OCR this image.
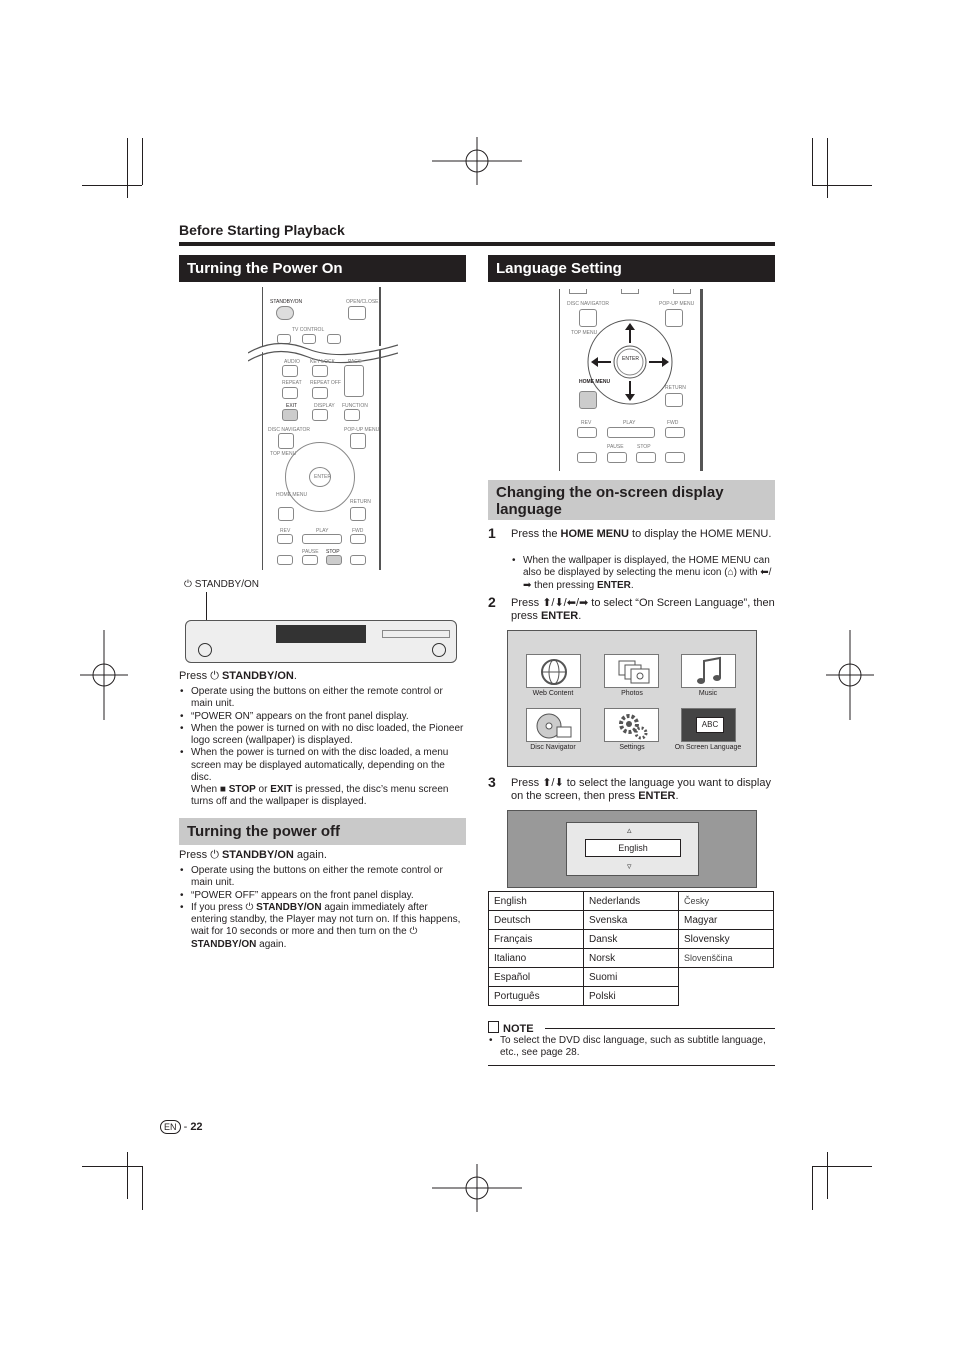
Before Starting Playback
Turning the Power On
STANDBY/ON	OPEN/CLOSE
TV CONTROL
AUDIO KEY LOCK	PAGE
REPEAT REPEAT OFF
EXIT	DISPLAY FUNCTION
DISC NAVIGATOR	POP-UP MENU
TOP MENU
ENTER
HOME MENU
RETURN
REV	PLAY	FWD
PAUSE STOP
⏻ STANDBY/ON
Press ⏻ STANDBY/ON.
• Operate using the buttons on either the remote control or main unit.
• “POWER ON” appears on the front panel display.
• When the power is turned on with no disc loaded, the Pioneer logo screen (wallpaper) is displayed.
• When the power is turned on with the disc loaded, a menu screen may be displayed automatically, depending on the disc.
When ■ STOP or EXIT is pressed, the disc’s menu screen turns off and the wallpaper is displayed.
Turning the power off
Press ⏻ STANDBY/ON again.
• Operate using the buttons on either the remote control or main unit.
• “POWER OFF” appears on the front panel display.
• If you press ⏻ STANDBY/ON again immediately after entering standby, the Player may not turn on. If this happens, wait for 10 seconds or more and then turn on the ⏻ STANDBY/ON again.
Language Setting
DISC NAVIGATOR	POP-UP MENU
TOP MENU
ENTER
HOME MENU
RETURN
REV	PLAY	FWD
PAUSE	STOP
Changing the on-screen display language
1 Press the HOME MENU to display the HOME MENU.
• When the wallpaper is displayed, the HOME MENU can also be displayed by selecting the menu icon (⌂) with ⬅/➡ then pressing ENTER.
2 Press ⬆/⬇/⬅/➡ to select “On Screen Language”, then press ENTER.
ABC
Web Content	Photos	Music
Disc Navigator	Settings	On Screen Language
3 Press ⬆/⬇ to select the language you want to display on the screen, then press ENTER.
▵
English
▿
English	Nederlands	Česky
Deutsch	Svenska	Magyar
Français	Dansk	Slovensky
Italiano	Norsk	Slovenščina
Español	Suomi	
Português	Polski	
NOTE
• To select the DVD disc language, such as subtitle language, etc., see page 28.
EN - 22
